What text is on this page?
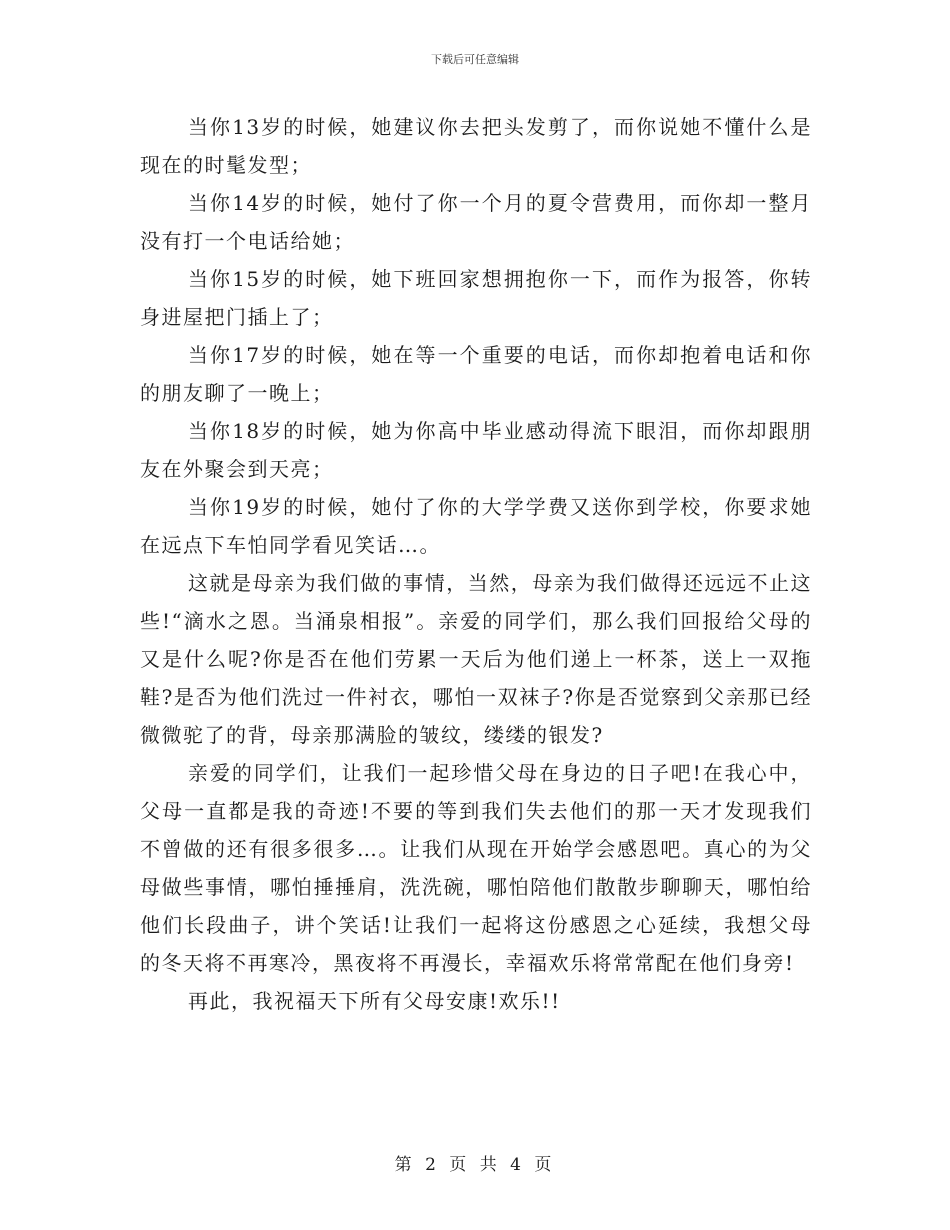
下载后可任意编辑

当你13岁的时候，她建议你去把头发剪了，而你说她不懂什么是现在的时髦发型；

当你14岁的时候，她付了你一个月的夏令营费用，而你却一整月没有打一个电话给她；

当你15岁的时候，她下班回家想拥抱你一下，而作为报答，你转身进屋把门插上了；

当你17岁的时候，她在等一个重要的电话，而你却抱着电话和你的朋友聊了一晚上；

当你18岁的时候，她为你高中毕业感动得流下眼泪，而你却跟朋友在外聚会到天亮；

当你19岁的时候，她付了你的大学学费又送你到学校，你要求她在远点下车怕同学看见笑话…。

这就是母亲为我们做的事情，当然，母亲为我们做得还远远不止这些!“滴水之恩。当涌泉相报”。亲爱的同学们，那么我们回报给父母的又是什么呢?你是否在他们劳累一天后为他们递上一杯茶，送上一双拖鞋?是否为他们洗过一件衬衣，哪怕一双袜子?你是否觉察到父亲那已经微微驼了的背，母亲那满脸的皱纹，缕缕的银发?

亲爱的同学们，让我们一起珍惜父母在身边的日子吧!在我心中，父母一直都是我的奇迹!不要的等到我们失去他们的那一天才发现我们不曾做的还有很多很多…。让我们从现在开始学会感恩吧。真心的为父母做些事情，哪怕捶捶肩，洗洗碗，哪怕陪他们散散步聊聊天，哪怕给他们长段曲子，讲个笑话!让我们一起将这份感恩之心延续，我想父母的冬天将不再寒冷，黑夜将不再漫长，幸福欢乐将常常配在他们身旁!

再此，我祝福天下所有父母安康!欢乐!!

第 2 页 共 4 页
